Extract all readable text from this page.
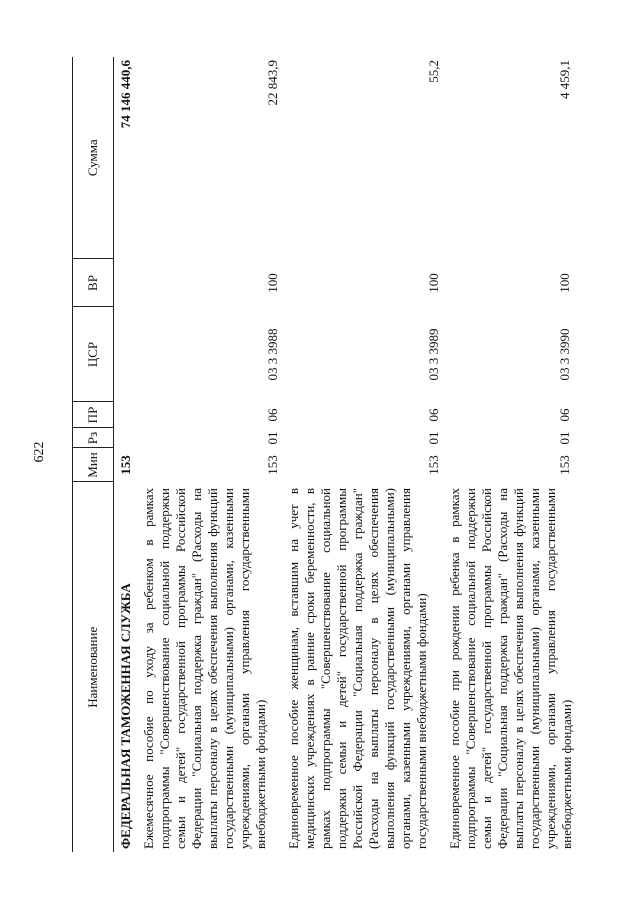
622
Наименование	Мин	Рз	ПР	ЦСР	ВР	Сумма
ФЕДЕРАЛЬНАЯ ТАМОЖЕННАЯ СЛУЖБА	153					74 146 440,6
Ежемесячное пособие по уходу за ребенком в рамках подпрограммы "Совершенствование социальной поддержки семьи и детей" государственной программы Российской Федерации "Социальная поддержка граждан" (Расходы на выплаты персоналу в целях обеспечения выполнения функций государственными (муниципальными) органами, казенными учреждениями, органами управления государственными внебюджетными фондами)	153	01	06	03 3 3988	100	22 843,9
Единовременное пособие женщинам, вставшим на учет в медицинских учреждениях в ранние сроки беременности, в рамках подпрограммы "Совершенствование социальной поддержки семьи и детей" государственной программы Российской Федерации "Социальная поддержка граждан" (Расходы на выплаты персоналу в целях обеспечения выполнения функций государственными (муниципальными) органами, казенными учреждениями, органами управления государственными внебюджетными фондами)	153	01	06	03 3 3989	100	55,2
Единовременное пособие при рождении ребенка в рамках подпрограммы "Совершенствование социальной поддержки семьи и детей" государственной программы Российской Федерации "Социальная поддержка граждан" (Расходы на выплаты персоналу в целях обеспечения выполнения функций государственными (муниципальными) органами, казенными учреждениями, органами управления государственными внебюджетными фондами)	153	01	06	03 3 3990	100	4 459,1
